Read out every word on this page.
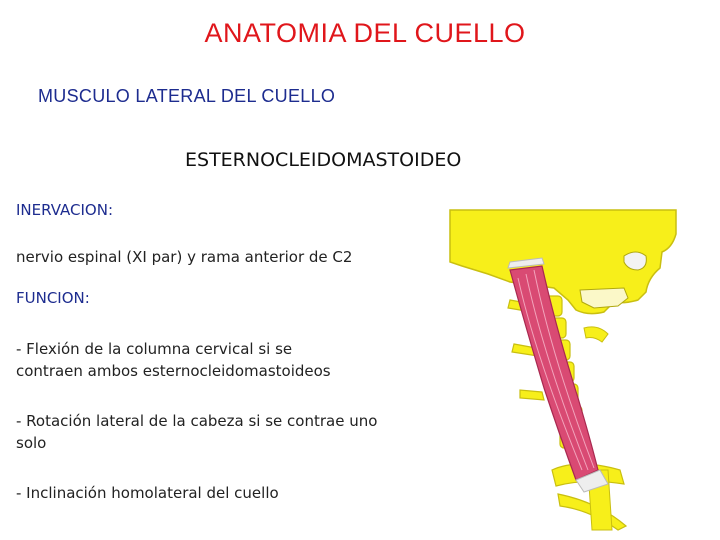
ANATOMIA DEL CUELLO
MUSCULO LATERAL DEL CUELLO
ESTERNOCLEIDOMASTOIDEO
INERVACION:
nervio espinal (XI par) y rama anterior de C2
FUNCION:
- Flexión de la columna cervical si se contraen ambos esternocleidomastoideos
- Rotación lateral de la cabeza si se contrae uno solo
- Inclinación homolateral del cuello
